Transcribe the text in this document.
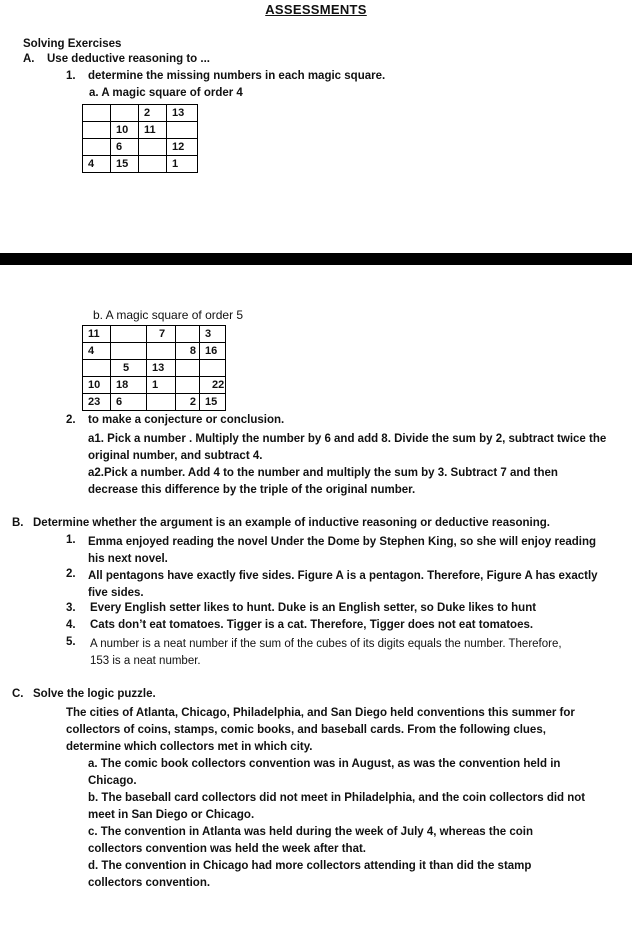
ASSESSMENTS
Solving Exercises
A. Use deductive reasoning to ...
1. determine the missing numbers in each magic square.
a. A magic square of order 4
		2	13
	10	11	
	6		12
4	15		1
b. A magic square of order 5
11		7		3
4			8	16
	5	13		
10	18	1		22
23	6		2	15
2. to make a conjecture or conclusion.
a1. Pick a number . Multiply the number by 6 and add 8. Divide the sum by 2, subtract twice the original number, and subtract 4.
a2.Pick a number. Add 4 to the number and multiply the sum by 3. Subtract 7 and then decrease this difference by the triple of the original number.
B. Determine whether the argument is an example of inductive reasoning or deductive reasoning.
1. Emma enjoyed reading the novel Under the Dome by Stephen King, so she will enjoy reading his next novel.
2. All pentagons have exactly five sides. Figure A is a pentagon. Therefore, Figure A has exactly five sides.
3. Every English setter likes to hunt. Duke is an English setter, so Duke likes to hunt
4. Cats don’t eat tomatoes. Tigger is a cat. Therefore, Tigger does not eat tomatoes.
5. A number is a neat number if the sum of the cubes of its digits equals the number. Therefore, 153 is a neat number.
C. Solve the logic puzzle.
The cities of Atlanta, Chicago, Philadelphia, and San Diego held conventions this summer for collectors of coins, stamps, comic books, and baseball cards. From the following clues, determine which collectors met in which city.
a. The comic book collectors convention was in August, as was the convention held in Chicago.
b. The baseball card collectors did not meet in Philadelphia, and the coin collectors did not meet in San Diego or Chicago.
c. The convention in Atlanta was held during the week of July 4, whereas the coin collectors convention was held the week after that.
d. The convention in Chicago had more collectors attending it than did the stamp collectors convention.
